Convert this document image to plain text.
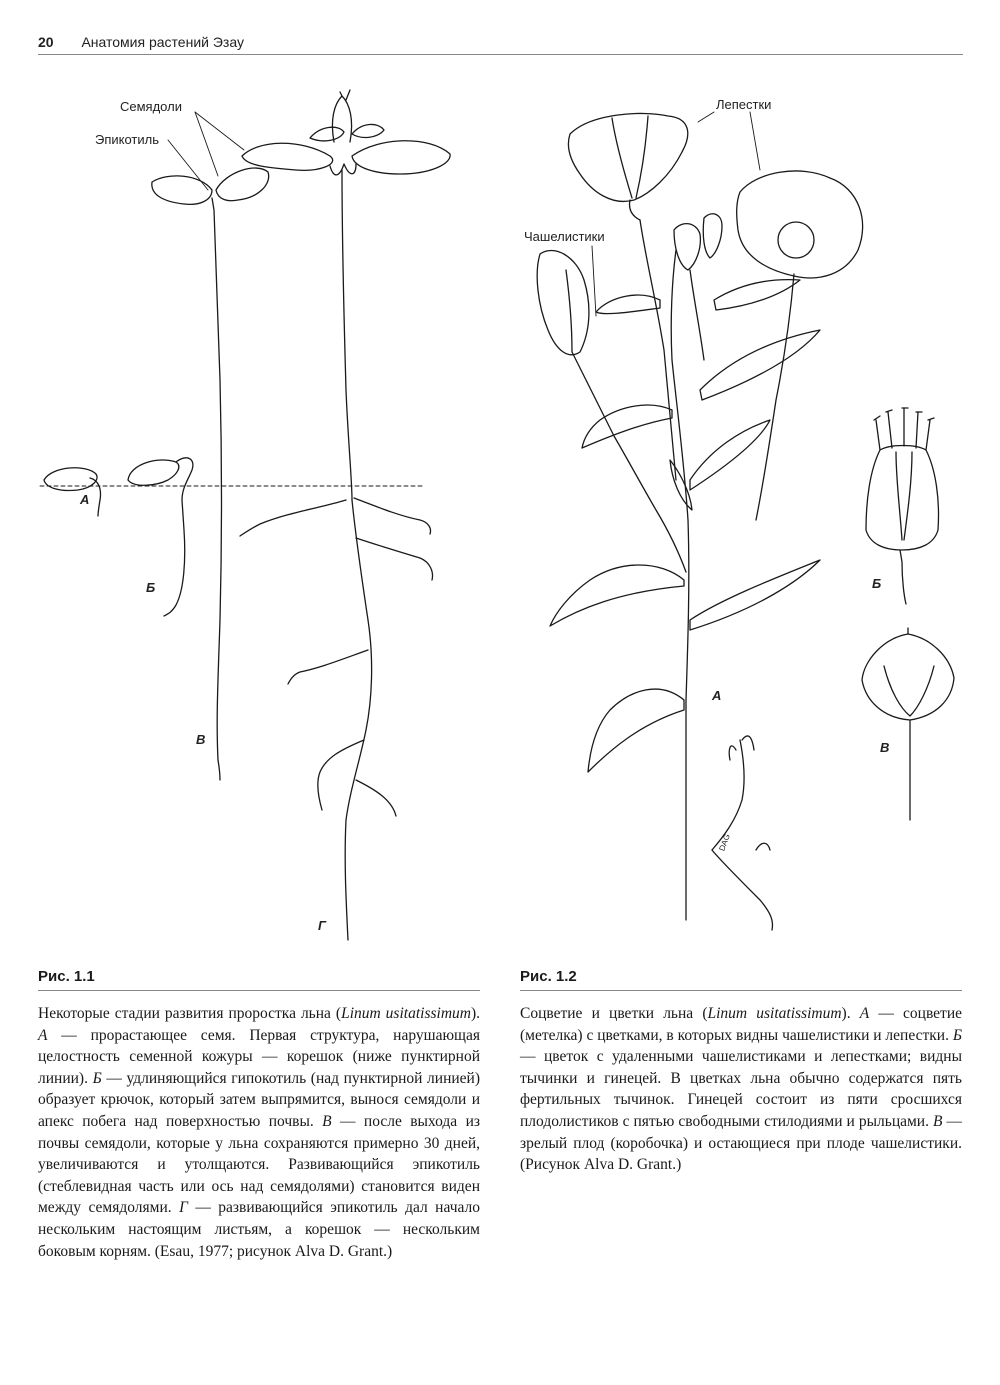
20 Анатомия растений Эзау
Семядоли
Эпикотиль
А
Б
В
Г
Лепестки
Чашелистики
А
Б
В
DAG
Рис. 1.1
Некоторые стадии развития проростка льна (Linum usitatissimum). А — прорастающее семя. Первая структура, нарушающая целостность семенной кожуры — корешок (ниже пунктирной линии). Б — удлиняющийся гипокотиль (над пунктирной линией) образует крючок, который затем выпрямится, вынося семядоли и апекс побега над поверхностью почвы. В — после выхода из почвы семядоли, которые у льна сохраняются примерно 30 дней, увеличиваются и утолщаются. Развивающийся эпикотиль (стеблевидная часть или ось над семядолями) становится виден между семядолями. Г — развивающийся эпикотиль дал начало нескольким настоящим листьям, а корешок — нескольким боковым корням. (Esau, 1977; рисунок Alva D. Grant.)
Рис. 1.2
Соцветие и цветки льна (Linum usitatissimum). А — соцветие (метелка) с цветками, в которых видны чашелистики и лепестки. Б — цветок с удаленными чашелистиками и лепестками; видны тычинки и гинецей. В цветках льна обычно содержатся пять фертильных тычинок. Гинецей состоит из пяти сросшихся плодолистиков с пятью свободными стилодиями и рыльцами. В — зрелый плод (коробочка) и остающиеся при плоде чашелистики. (Рисунок Alva D. Grant.)
